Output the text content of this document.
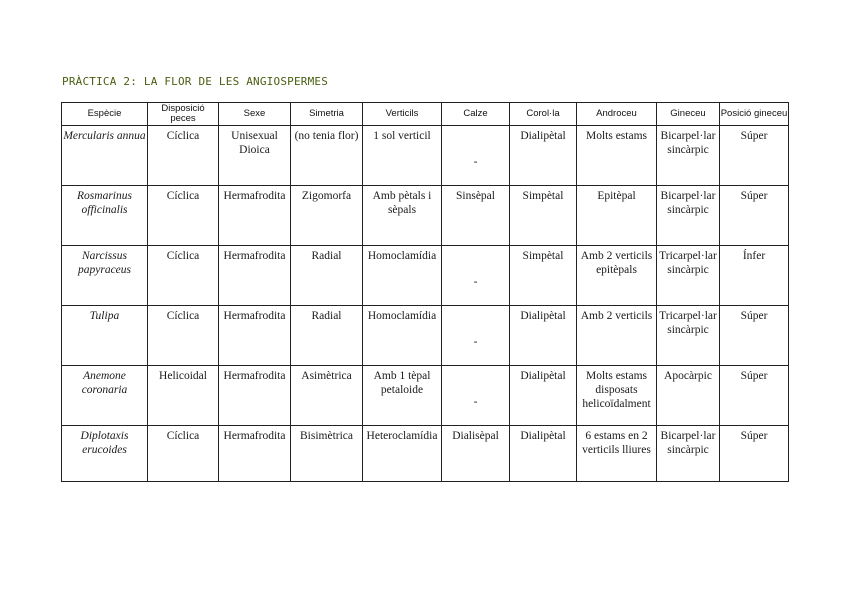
PRÀCTICA 2: LA FLOR DE LES ANGIOSPERMES
Espècie	Disposició peces	Sexe	Simetria	Verticils	Calze	Corol·la	Androceu	Gineceu	Posició gineceu
Mercularis annua	Cíclica	Unisexual Dioica	(no tenia flor)	1 sol verticil	-	Dialipètal	Molts estams	Bicarpel·lar sincàrpic	Súper
Rosmarinus officinalis	Cíclica	Hermafrodita	Zigomorfa	Amb pètals i sèpals	Sinsèpal	Simpètal	Epitèpal	Bicarpel·lar sincàrpic	Súper
Narcissus papyraceus	Cíclica	Hermafrodita	Radial	Homoclamídia	-	Simpètal	Amb 2 verticils epitèpals	Tricarpel·lar sincàrpic	Ínfer
Tulipa	Cíclica	Hermafrodita	Radial	Homoclamídia	-	Dialipètal	Amb 2 verticils	Tricarpel·lar sincàrpic	Súper
Anemone coronaria	Helicoidal	Hermafrodita	Asimètrica	Amb 1 tèpal petaloide	-	Dialipètal	Molts estams disposats helicoïdalment	Apocàrpic	Súper
Diplotaxis erucoides	Cíclica	Hermafrodita	Bisimètrica	Heteroclamídia	Dialisèpal	Dialipètal	6 estams en 2 verticils lliures	Bicarpel·lar sincàrpic	Súper
